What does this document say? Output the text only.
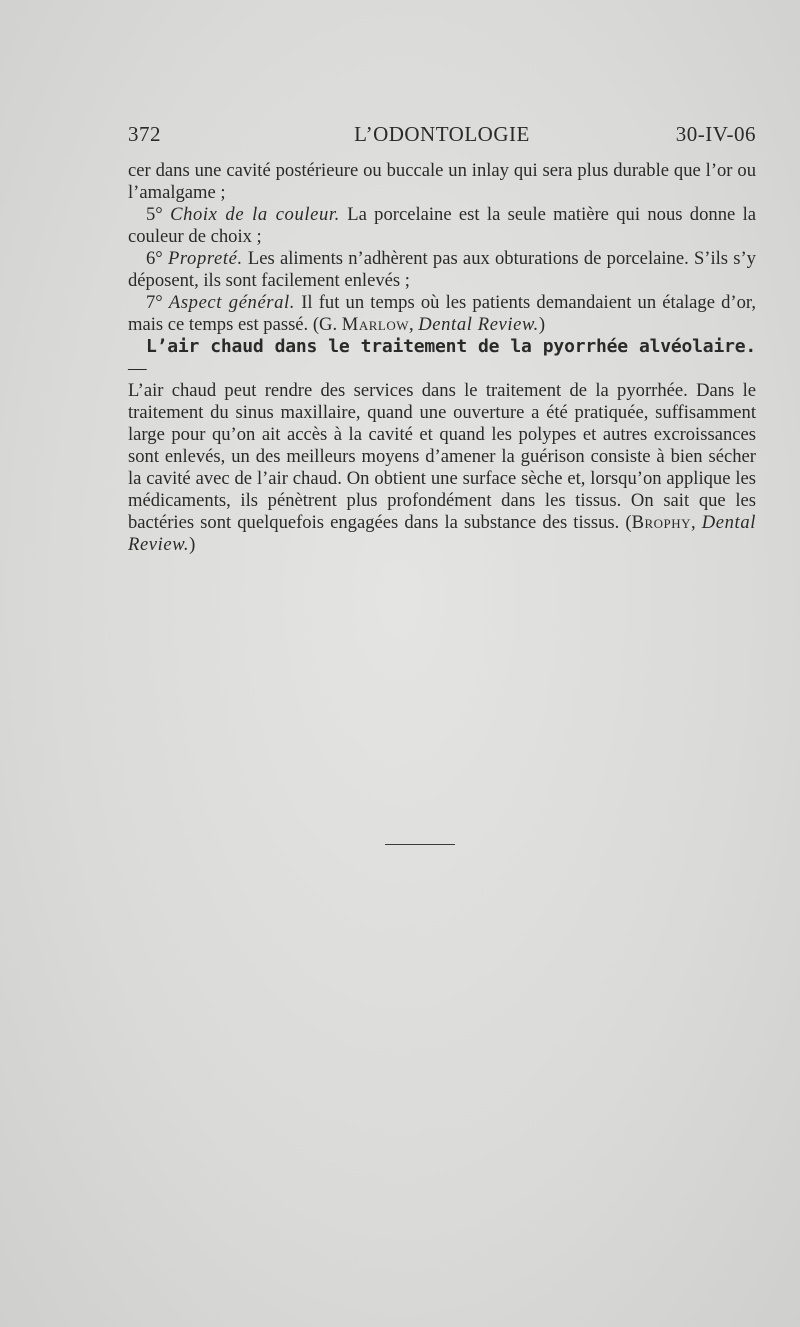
372	L’ODONTOLOGIE	30-IV-06

cer dans une cavité postérieure ou buccale un inlay qui sera plus durable que l’or ou l’amalgame ;

5° Choix de la couleur. La porcelaine est la seule matière qui nous donne la couleur de choix ;

6° Propreté. Les aliments n’adhèrent pas aux obturations de porcelaine. S’ils s’y déposent, ils sont facilement enlevés ;

7° Aspect général. Il fut un temps où les patients demandaient un étalage d’or, mais ce temps est passé. (G. Marlow, Dental Review.)

L’air chaud dans le traitement de la pyorrhée alvéolaire. —

L’air chaud peut rendre des services dans le traitement de la pyorrhée. Dans le traitement du sinus maxillaire, quand une ouverture a été pratiquée, suffisamment large pour qu’on ait accès à la cavité et quand les polypes et autres excroissances sont enlevés, un des meilleurs moyens d’amener la guérison consiste à bien sécher la cavité avec de l’air chaud. On obtient une surface sèche et, lorsqu’on applique les médicaments, ils pénètrent plus profondément dans les tissus. On sait que les bactéries sont quelquefois engagées dans la substance des tissus. (Brophy, Dental Review.)
